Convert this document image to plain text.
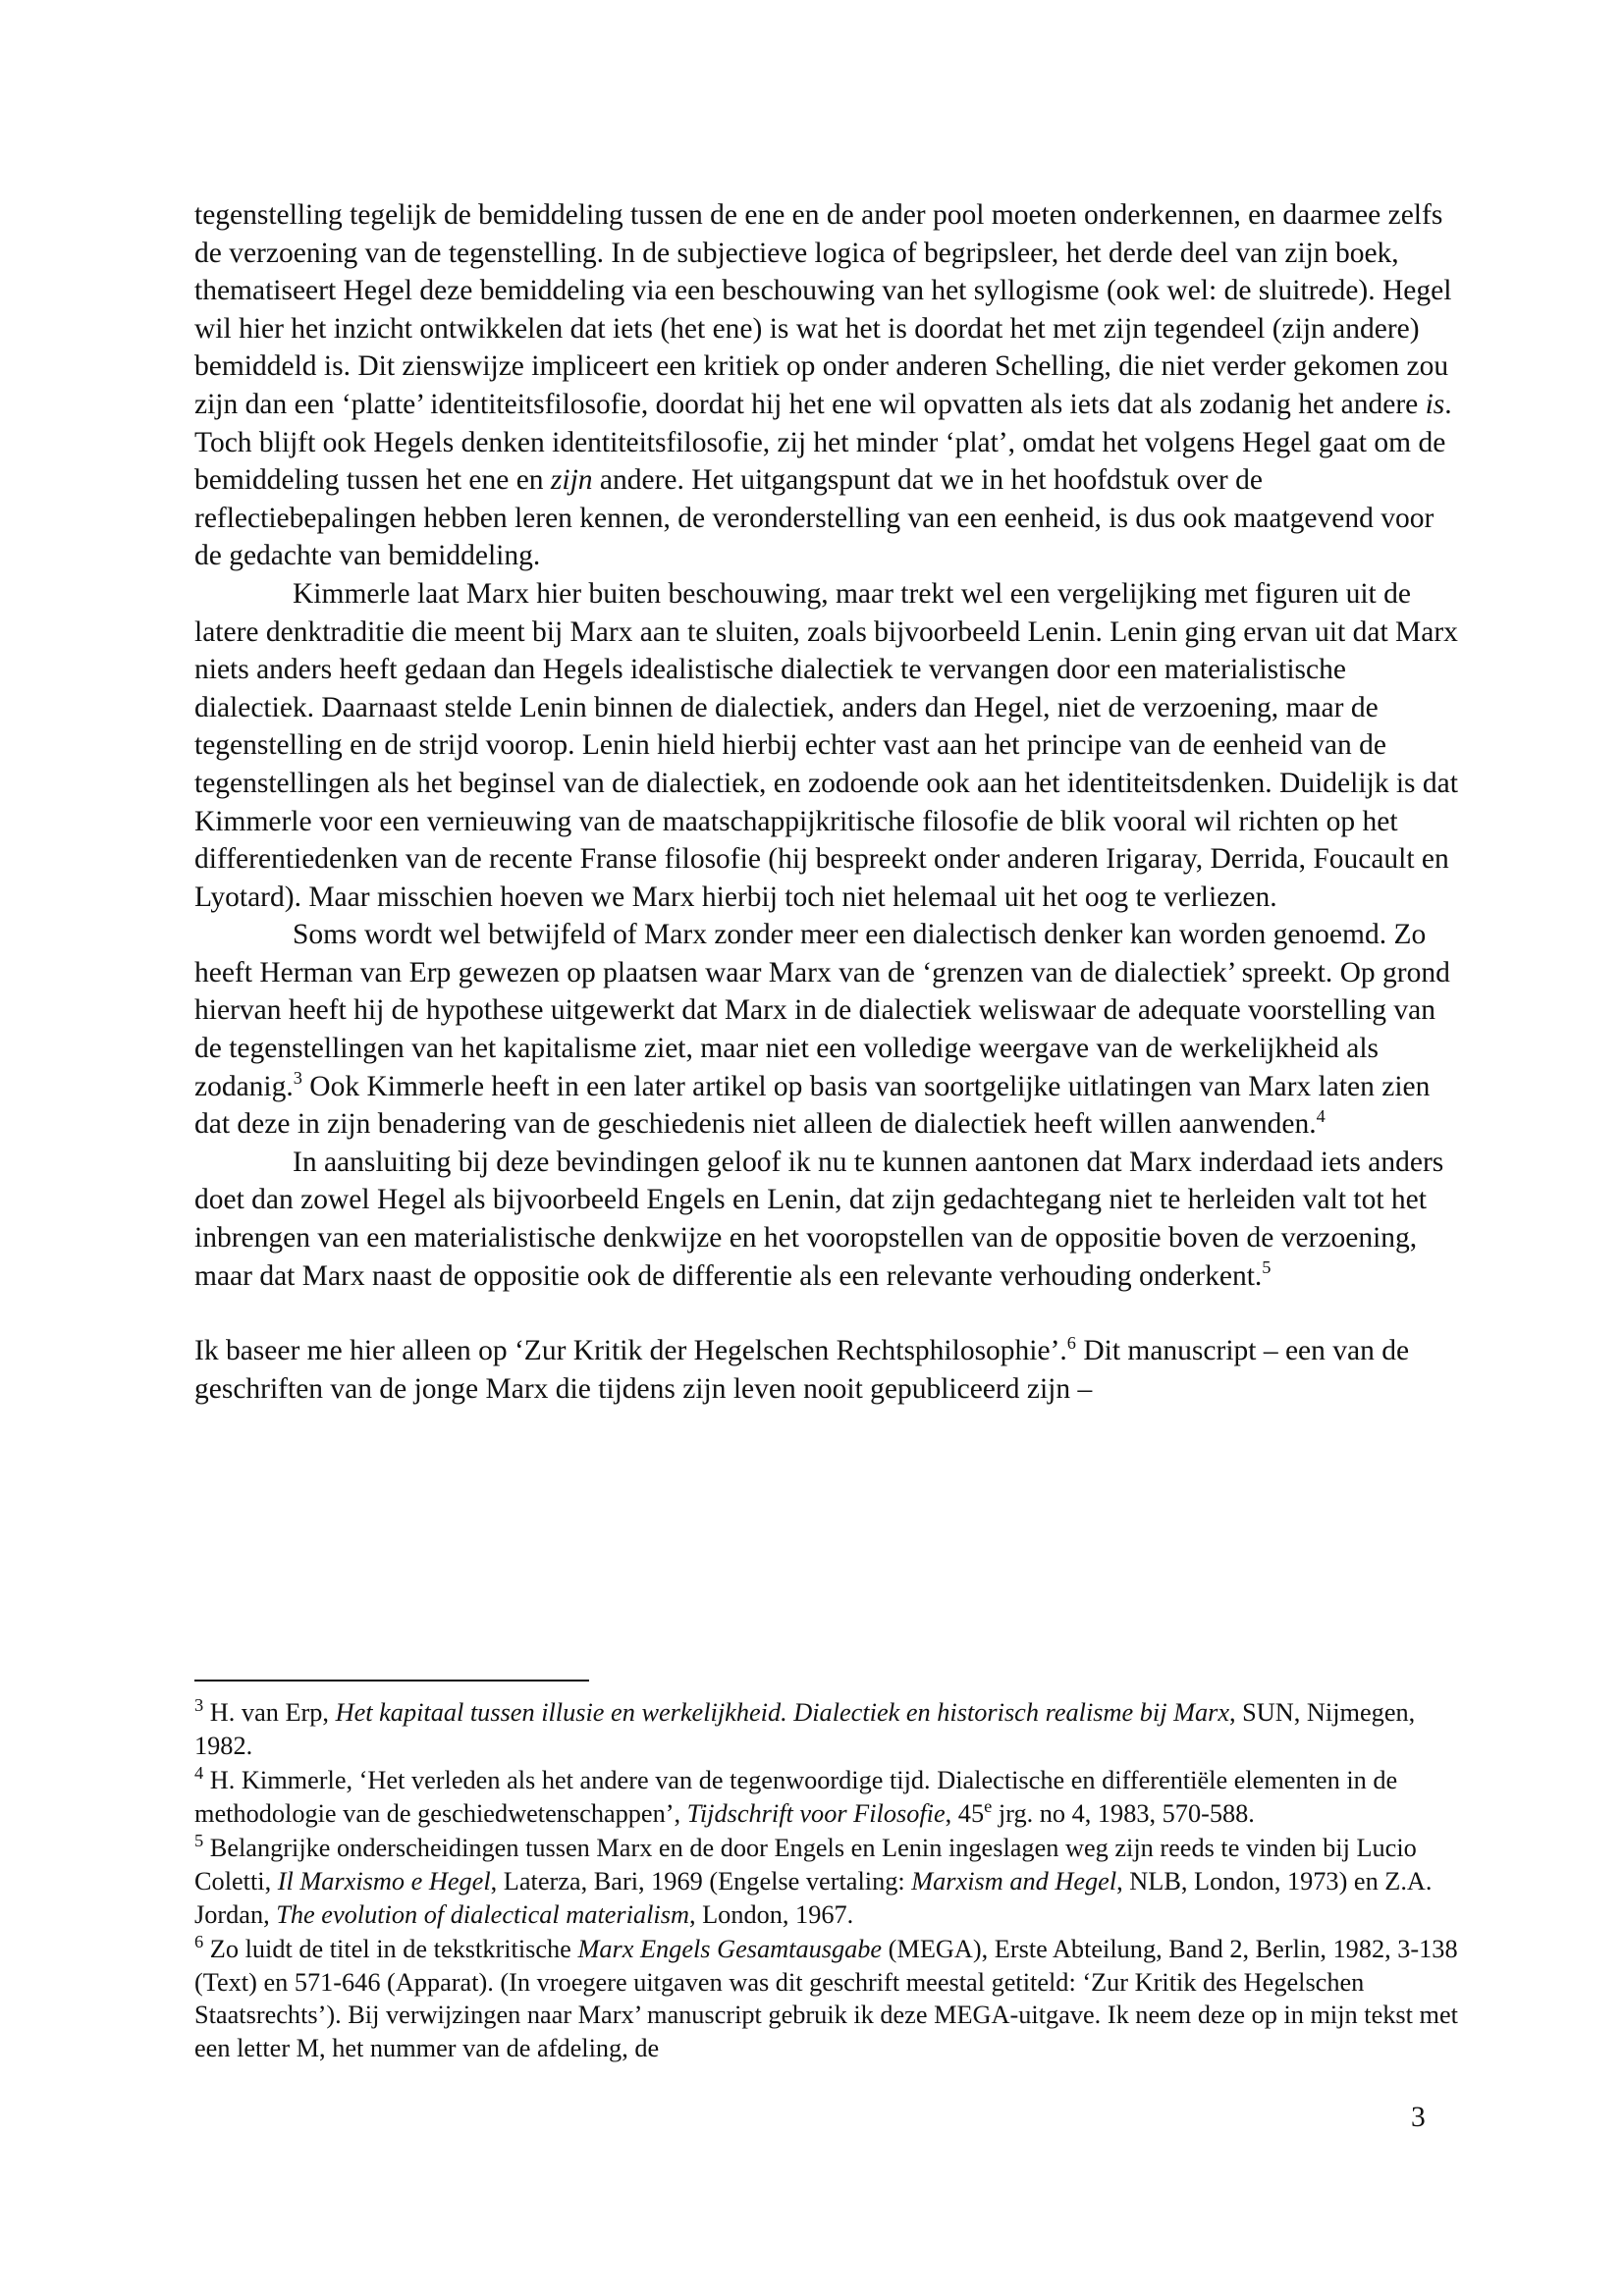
tegenstelling tegelijk de bemiddeling tussen de ene en de ander pool moeten onderkennen, en daarmee zelfs de verzoening van de tegenstelling. In de subjectieve logica of begripsleer, het derde deel van zijn boek, thematiseert Hegel deze bemiddeling via een beschouwing van het syllogisme (ook wel: de sluitrede). Hegel wil hier het inzicht ontwikkelen dat iets (het ene) is wat het is doordat het met zijn tegendeel (zijn andere) bemiddeld is. Dit zienswijze impliceert een kritiek op onder anderen Schelling, die niet verder gekomen zou zijn dan een ‘platte’ identiteitsfilosofie, doordat hij het ene wil opvatten als iets dat als zodanig het andere is. Toch blijft ook Hegels denken identiteitsfilosofie, zij het minder ‘plat’, omdat het volgens Hegel gaat om de bemiddeling tussen het ene en zijn andere. Het uitgangspunt dat we in het hoofdstuk over de reflectiebepalingen hebben leren kennen, de veronderstelling van een eenheid, is dus ook maatgevend voor de gedachte van bemiddeling.

Kimmerle laat Marx hier buiten beschouwing, maar trekt wel een vergelijking met figuren uit de latere denktraditie die meent bij Marx aan te sluiten, zoals bijvoorbeeld Lenin. Lenin ging ervan uit dat Marx niets anders heeft gedaan dan Hegels idealistische dialectiek te vervangen door een materialistische dialectiek. Daarnaast stelde Lenin binnen de dialectiek, anders dan Hegel, niet de verzoening, maar de tegenstelling en de strijd voorop. Lenin hield hierbij echter vast aan het principe van de eenheid van de tegenstellingen als het beginsel van de dialectiek, en zodoende ook aan het identiteitsdenken. Duidelijk is dat Kimmerle voor een vernieuwing van de maatschappijkritische filosofie de blik vooral wil richten op het differentiedenken van de recente Franse filosofie (hij bespreekt onder anderen Irigaray, Derrida, Foucault en Lyotard). Maar misschien hoeven we Marx hierbij toch niet helemaal uit het oog te verliezen.

Soms wordt wel betwijfeld of Marx zonder meer een dialectisch denker kan worden genoemd. Zo heeft Herman van Erp gewezen op plaatsen waar Marx van de ‘grenzen van de dialectiek’ spreekt. Op grond hiervan heeft hij de hypothese uitgewerkt dat Marx in de dialectiek weliswaar de adequate voorstelling van de tegenstellingen van het kapitalisme ziet, maar niet een volledige weergave van de werkelijkheid als zodanig.$^3$ Ook Kimmerle heeft in een later artikel op basis van soortgelijke uitlatingen van Marx laten zien dat deze in zijn benadering van de geschiedenis niet alleen de dialectiek heeft willen aanwenden.$^4$

In aansluiting bij deze bevindingen geloof ik nu te kunnen aantonen dat Marx inderdaad iets anders doet dan zowel Hegel als bijvoorbeeld Engels en Lenin, dat zijn gedachtegang niet te herleiden valt tot het inbrengen van een materialistische denkwijze en het vooropstellen van de oppositie boven de verzoening, maar dat Marx naast de oppositie ook de differentie als een relevante verhouding onderkent.$^5$

Ik baseer me hier alleen op ‘Zur Kritik der Hegelschen Rechtsphilosophie’.$^6$ Dit manuscript – een van de geschriften van de jonge Marx die tijdens zijn leven nooit gepubliceerd zijn –

$^3$ H. van Erp, Het kapitaal tussen illusie en werkelijkheid. Dialectiek en historisch realisme bij Marx, SUN, Nijmegen, 1982.

$^4$ H. Kimmerle, ‘Het verleden als het andere van de tegenwoordige tijd. Dialectische en differentiële elementen in de methodologie van de geschiedwetenschappen’, Tijdschrift voor Filosofie, 45e jrg. no 4, 1983, 570-588.

$^5$ Belangrijke onderscheidingen tussen Marx en de door Engels en Lenin ingeslagen weg zijn reeds te vinden bij Lucio Coletti, Il Marxismo e Hegel, Laterza, Bari, 1969 (Engelse vertaling: Marxism and Hegel, NLB, London, 1973) en Z.A. Jordan, The evolution of dialectical materialism, London, 1967.

$^6$ Zo luidt de titel in de tekstkritische Marx Engels Gesamtausgabe (MEGA), Erste Abteilung, Band 2, Berlin, 1982, 3-138 (Text) en 571-646 (Apparat). (In vroegere uitgaven was dit geschrift meestal getiteld: ‘Zur Kritik des Hegelschen Staatsrechts’). Bij verwijzingen naar Marx’ manuscript gebruik ik deze MEGA-uitgave. Ik neem deze op in mijn tekst met een letter M, het nummer van de afdeling, de

3
